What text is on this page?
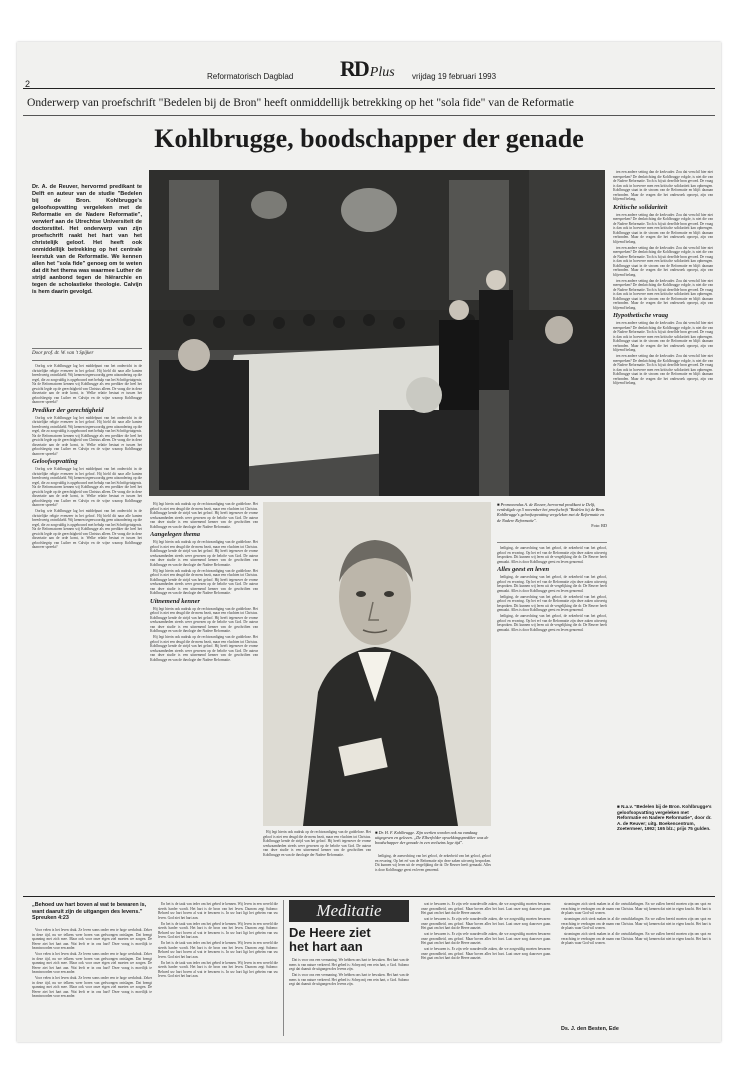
2
Reformatorisch Dagblad RD Plus	vrijdag 19 februari 1993
Onderwerp van proefschrift "Bedelen bij de Bron" heeft onmiddellijk betrekking op het "sola fide" van de Reformatie
Kohlbrugge, boodschapper der genade
Dr. A. de Reuver, hervormd predikant te Delft en auteur van de studie "Bedelen bij de Bron. Kohlbrugge's geloofsopvatting vergeleken met de Reformatie en de Nadere Reformatie", verwierf aan de Utrechtse Universiteit de doctorstitel. Het onderwerp van zijn proefschrift raakt het hart van het christelijk geloof. Het heeft ook onmiddellijk betrekking op het centrale leerstuk van de Reformatie. We kennen allen het "sola fide" genoeg om te weten dat dit het thema was waarmee Luther de strijd aanbond tegen de hiërarchie en tegen de scholastieke theologie. Calvijn is hem daarin gevolgd.
Door prof. dr. W. van 't Spijker

Oorlog wie Kohlbrugge lag het middelpunt van het onderricht in de christelijke religie evenzeer in het geloof. Hij hield dit naar alle kanten breedvoerig ontwikkeld. Wij kennen tegenwoordig geen uitzondering op die regel, die zo zorgvuldig is opgebouwd met behulp van het Schriftgetuigenis. Na de Reformatoren kennen wij Kohlbrugge als een prediker die heel het gewicht legde op de gerechtigheid van Christus alleen. De vraag die in deze dissertatie aan de orde komt, is: Welke relatie bestaat er tussen het geloofsbegrip van Luther en Calvijn en de wijze waarop Kohlbrugge daarover spreekt?

Prediker der gerechtigheid

Oorlog wie Kohlbrugge lag het middelpunt van het onderricht in de christelijke religie evenzeer in het geloof. Hij hield dit naar alle kanten breedvoerig ontwikkeld. Wij kennen tegenwoordig geen uitzondering op die regel, die zo zorgvuldig is opgebouwd met behulp van het Schriftgetuigenis. Na de Reformatoren kennen wij Kohlbrugge als een prediker die heel het gewicht legde op de gerechtigheid van Christus alleen. De vraag die in deze dissertatie aan de orde komt, is: Welke relatie bestaat er tussen het geloofsbegrip van Luther en Calvijn en de wijze waarop Kohlbrugge daarover spreekt?

Geloofsopvatting

Oorlog wie Kohlbrugge lag het middelpunt van het onderricht in de christelijke religie evenzeer in het geloof. Hij hield dit naar alle kanten breedvoerig ontwikkeld. Wij kennen tegenwoordig geen uitzondering op die regel, die zo zorgvuldig is opgebouwd met behulp van het Schriftgetuigenis. Na de Reformatoren kennen wij Kohlbrugge als een prediker die heel het gewicht legde op de gerechtigheid van Christus alleen. De vraag die in deze dissertatie aan de orde komt, is: Welke relatie bestaat er tussen het geloofsbegrip van Luther en Calvijn en de wijze waarop Kohlbrugge daarover spreekt?

Oorlog wie Kohlbrugge lag het middelpunt van het onderricht in de christelijke religie evenzeer in het geloof. Hij hield dit naar alle kanten breedvoerig ontwikkeld. Wij kennen tegenwoordig geen uitzondering op die regel, die zo zorgvuldig is opgebouwd met behulp van het Schriftgetuigenis. Na de Reformatoren kennen wij Kohlbrugge als een prediker die heel het gewicht legde op de gerechtigheid van Christus alleen. De vraag die in deze dissertatie aan de orde komt, is: Welke relatie bestaat er tussen het geloofsbegrip van Luther en Calvijn en de wijze waarop Kohlbrugge daarover spreekt?

Hij legt hierin ook nadruk op de rechtvaardiging van de goddeloze. Het geloof is niet een deugd die de mens bezit, maar een vluchten tot Christus. Kohlbrugge kende de strijd van het geloof. Hij heeft tegenover de vrome werkzaamheden steeds weer gewezen op de belofte van God. De auteur van deze studie is een uitnemend kenner van de geschriften van Kohlbrugge en van de theologie der Nadere Reformatie.

Aangelegen thema

Hij legt hierin ook nadruk op de rechtvaardiging van de goddeloze. Het geloof is niet een deugd die de mens bezit, maar een vluchten tot Christus. Kohlbrugge kende de strijd van het geloof. Hij heeft tegenover de vrome werkzaamheden steeds weer gewezen op de belofte van God. De auteur van deze studie is een uitnemend kenner van de geschriften van Kohlbrugge en van de theologie der Nadere Reformatie.

Hij legt hierin ook nadruk op de rechtvaardiging van de goddeloze. Het geloof is niet een deugd die de mens bezit, maar een vluchten tot Christus. Kohlbrugge kende de strijd van het geloof. Hij heeft tegenover de vrome werkzaamheden steeds weer gewezen op de belofte van God. De auteur van deze studie is een uitnemend kenner van de geschriften van Kohlbrugge en van de theologie der Nadere Reformatie.

Uitnemend kenner

Hij legt hierin ook nadruk op de rechtvaardiging van de goddeloze. Het geloof is niet een deugd die de mens bezit, maar een vluchten tot Christus. Kohlbrugge kende de strijd van het geloof. Hij heeft tegenover de vrome werkzaamheden steeds weer gewezen op de belofte van God. De auteur van deze studie is een uitnemend kenner van de geschriften van Kohlbrugge en van de theologie der Nadere Reformatie.

Hij legt hierin ook nadruk op de rechtvaardiging van de goddeloze. Het geloof is niet een deugd die de mens bezit, maar een vluchten tot Christus. Kohlbrugge kende de strijd van het geloof. Hij heeft tegenover de vrome werkzaamheden steeds weer gewezen op de belofte van God. De auteur van deze studie is een uitnemend kenner van de geschriften van Kohlbrugge en van de theologie der Nadere Reformatie.

Hij legt hierin ook nadruk op de rechtvaardiging van de goddeloze. Het geloof is niet een deugd die de mens bezit, maar een vluchten tot Christus. Kohlbrugge kende de strijd van het geloof. Hij heeft tegenover de vrome werkzaamheden steeds weer gewezen op de belofte van God. De auteur van deze studie is een uitnemend kenner van de geschriften van Kohlbrugge en van de theologie der Nadere Reformatie.

■ Dr. H. F. Kohlbrugge. Zijn werken worden ook nu vandaag uitgegeven en gelezen. „De Elberfelder opwekkingsprediker was de boodschapper der genade in een veelszins lege tijd".

heiliging, de aanvechting van het geloof, de zekerheid van het geloof, geloof en ervaring. Op het erf van de Reformatie zijn deze zaken uitvoerig besproken. Dit kunnen wij leren uit de vergelijking die dr. De Reuver heeft gemaakt. Alles is door Kohlbrugge geest en leven genoemd.

■ Promovendus A. de Reuver, hervormd predikant te Delft, verdedigde op 5 november het proefschrift "Bedelen bij de Bron. Kohlbrugge's geloofsopvatting vergeleken met de Reformatie en de Nadere Reformatie".
Foto: RD

heiliging, de aanvechting van het geloof, de zekerheid van het geloof, geloof en ervaring. Op het erf van de Reformatie zijn deze zaken uitvoerig besproken. Dit kunnen wij leren uit de vergelijking die dr. De Reuver heeft gemaakt. Alles is door Kohlbrugge geest en leven genoemd.

Alles geest en leven

heiliging, de aanvechting van het geloof, de zekerheid van het geloof, geloof en ervaring. Op het erf van de Reformatie zijn deze zaken uitvoerig besproken. Dit kunnen wij leren uit de vergelijking die dr. De Reuver heeft gemaakt. Alles is door Kohlbrugge geest en leven genoemd.

heiliging, de aanvechting van het geloof, de zekerheid van het geloof, geloof en ervaring. Op het erf van de Reformatie zijn deze zaken uitvoerig besproken. Dit kunnen wij leren uit de vergelijking die dr. De Reuver heeft gemaakt. Alles is door Kohlbrugge geest en leven genoemd.

heiliging, de aanvechting van het geloof, de zekerheid van het geloof, geloof en ervaring. Op het erf van de Reformatie zijn deze zaken uitvoerig besproken. Dit kunnen wij leren uit de vergelijking die dr. De Reuver heeft gemaakt. Alles is door Kohlbrugge geest en leven genoemd.

ten een andere setting dan de kerkvader. Zou dat verschil hier niet meespreken? De denkrichting die Kohlbrugge volgde, is niet die van de Nadere Reformatie. Toch is hij uit dezelfde bron gevoed. De vraag is dan ook in hoeverre men een kritische solidariteit kan opbrengen. Kohlbrugge staat in de stroom van de Reformatie en blijft daaraan verbonden. Maar de vragen die het onderzoek oproept, zijn van blijvend belang.

Kritische solidariteit

ten een andere setting dan de kerkvader. Zou dat verschil hier niet meespreken? De denkrichting die Kohlbrugge volgde, is niet die van de Nadere Reformatie. Toch is hij uit dezelfde bron gevoed. De vraag is dan ook in hoeverre men een kritische solidariteit kan opbrengen. Kohlbrugge staat in de stroom van de Reformatie en blijft daaraan verbonden. Maar de vragen die het onderzoek oproept, zijn van blijvend belang.

ten een andere setting dan de kerkvader. Zou dat verschil hier niet meespreken? De denkrichting die Kohlbrugge volgde, is niet die van de Nadere Reformatie. Toch is hij uit dezelfde bron gevoed. De vraag is dan ook in hoeverre men een kritische solidariteit kan opbrengen. Kohlbrugge staat in de stroom van de Reformatie en blijft daaraan verbonden. Maar de vragen die het onderzoek oproept, zijn van blijvend belang.

ten een andere setting dan de kerkvader. Zou dat verschil hier niet meespreken? De denkrichting die Kohlbrugge volgde, is niet die van de Nadere Reformatie. Toch is hij uit dezelfde bron gevoed. De vraag is dan ook in hoeverre men een kritische solidariteit kan opbrengen. Kohlbrugge staat in de stroom van de Reformatie en blijft daaraan verbonden. Maar de vragen die het onderzoek oproept, zijn van blijvend belang.

Hypothetische vraag

ten een andere setting dan de kerkvader. Zou dat verschil hier niet meespreken? De denkrichting die Kohlbrugge volgde, is niet die van de Nadere Reformatie. Toch is hij uit dezelfde bron gevoed. De vraag is dan ook in hoeverre men een kritische solidariteit kan opbrengen. Kohlbrugge staat in de stroom van de Reformatie en blijft daaraan verbonden. Maar de vragen die het onderzoek oproept, zijn van blijvend belang.

ten een andere setting dan de kerkvader. Zou dat verschil hier niet meespreken? De denkrichting die Kohlbrugge volgde, is niet die van de Nadere Reformatie. Toch is hij uit dezelfde bron gevoed. De vraag is dan ook in hoeverre men een kritische solidariteit kan opbrengen. Kohlbrugge staat in de stroom van de Reformatie en blijft daaraan verbonden. Maar de vragen die het onderzoek oproept, zijn van blijvend belang.

■ N.a.v. "Bedelen bij de Bron. Kohlbrugge's geloofsopvatting vergeleken met Reformatie en Nadere Reformatie", door dr. A. de Reuver; uitg. Boekencentrum, Zoetermeer, 1992; 165 blz.; prijs 75 gulden.
„Behoed uw hart boven al wat te bewaren is, want daaruit zijn de uitgangen des levens." Spreuken 4:23

Voor velen is het leven druk. Ze leven soms onder een te hoge werkdruk. Zeker in deze tijd, nu we telkens weer horen van gedwongen ontslagen. Dat brengt spanning met zich mee. Maar ook voor onze eigen ziel moeten we zorgen. De Heere ziet het hart aan. Wat leeft er in ons hart? Deze vraag is moeilijk te beantwoorden voor een ander.

Voor velen is het leven druk. Ze leven soms onder een te hoge werkdruk. Zeker in deze tijd, nu we telkens weer horen van gedwongen ontslagen. Dat brengt spanning met zich mee. Maar ook voor onze eigen ziel moeten we zorgen. De Heere ziet het hart aan. Wat leeft er in ons hart? Deze vraag is moeilijk te beantwoorden voor een ander.

Voor velen is het leven druk. Ze leven soms onder een te hoge werkdruk. Zeker in deze tijd, nu we telkens weer horen van gedwongen ontslagen. Dat brengt spanning met zich mee. Maar ook voor onze eigen ziel moeten we zorgen. De Heere ziet het hart aan. Wat leeft er in ons hart? Deze vraag is moeilijk te beantwoorden voor een ander.

En het is de taak van ieder om het gebed te kennen. Wij leven in een wereld die steeds harder wordt. Het hart is de bron van het leven. Daarom zegt Salomo: Behoed uw hart boven al wat te bewaren is. In uw hart ligt het geheim van uw leven. God ziet het hart aan.

En het is de taak van ieder om het gebed te kennen. Wij leven in een wereld die steeds harder wordt. Het hart is de bron van het leven. Daarom zegt Salomo: Behoed uw hart boven al wat te bewaren is. In uw hart ligt het geheim van uw leven. God ziet het hart aan.

En het is de taak van ieder om het gebed te kennen. Wij leven in een wereld die steeds harder wordt. Het hart is de bron van het leven. Daarom zegt Salomo: Behoed uw hart boven al wat te bewaren is. In uw hart ligt het geheim van uw leven. God ziet het hart aan.

En het is de taak van ieder om het gebed te kennen. Wij leven in een wereld die steeds harder wordt. Het hart is de bron van het leven. Daarom zegt Salomo: Behoed uw hart boven al wat te bewaren is. In uw hart ligt het geheim van uw leven. God ziet het hart aan.

Meditatie
De Heere ziet
het hart aan

Dat is voor ons een vermaning. We hebben ons hart te bewaken. Het hart van de mens is van nature verkeerd. Het gebed is: Schep mij een rein hart, o God. Salomo zegt dat daaruit de uitgangen des levens zijn.

Dat is voor ons een vermaning. We hebben ons hart te bewaken. Het hart van de mens is van nature verkeerd. Het gebed is: Schep mij een rein hart, o God. Salomo zegt dat daaruit de uitgangen des levens zijn.

wat te bewaren is. Er zijn vele waardevolle zaken, die we zorgvuldig moeten bewaren: onze gezondheid, ons geloof. Maar boven alles het hart. Laat onze zorg daarover gaan. Het gaat om het hart dat de Heere aanziet.

wat te bewaren is. Er zijn vele waardevolle zaken, die we zorgvuldig moeten bewaren: onze gezondheid, ons geloof. Maar boven alles het hart. Laat onze zorg daarover gaan. Het gaat om het hart dat de Heere aanziet.

wat te bewaren is. Er zijn vele waardevolle zaken, die we zorgvuldig moeten bewaren: onze gezondheid, ons geloof. Maar boven alles het hart. Laat onze zorg daarover gaan. Het gaat om het hart dat de Heere aanziet.

wat te bewaren is. Er zijn vele waardevolle zaken, die we zorgvuldig moeten bewaren: onze gezondheid, ons geloof. Maar boven alles het hart. Laat onze zorg daarover gaan. Het gaat om het hart dat de Heere aanziet.

stromingen zich sterk maken in al die ontwikkelingen. En we zullen bereid moeten zijn om spot en verachting te verdragen om de naam van Christus. Maar wij kennen dat niet in eigen kracht. Het hart is de plaats waar God wil wonen.

stromingen zich sterk maken in al die ontwikkelingen. En we zullen bereid moeten zijn om spot en verachting te verdragen om de naam van Christus. Maar wij kennen dat niet in eigen kracht. Het hart is de plaats waar God wil wonen.

stromingen zich sterk maken in al die ontwikkelingen. En we zullen bereid moeten zijn om spot en verachting te verdragen om de naam van Christus. Maar wij kennen dat niet in eigen kracht. Het hart is de plaats waar God wil wonen.

Ds. J. den Besten, Ede
